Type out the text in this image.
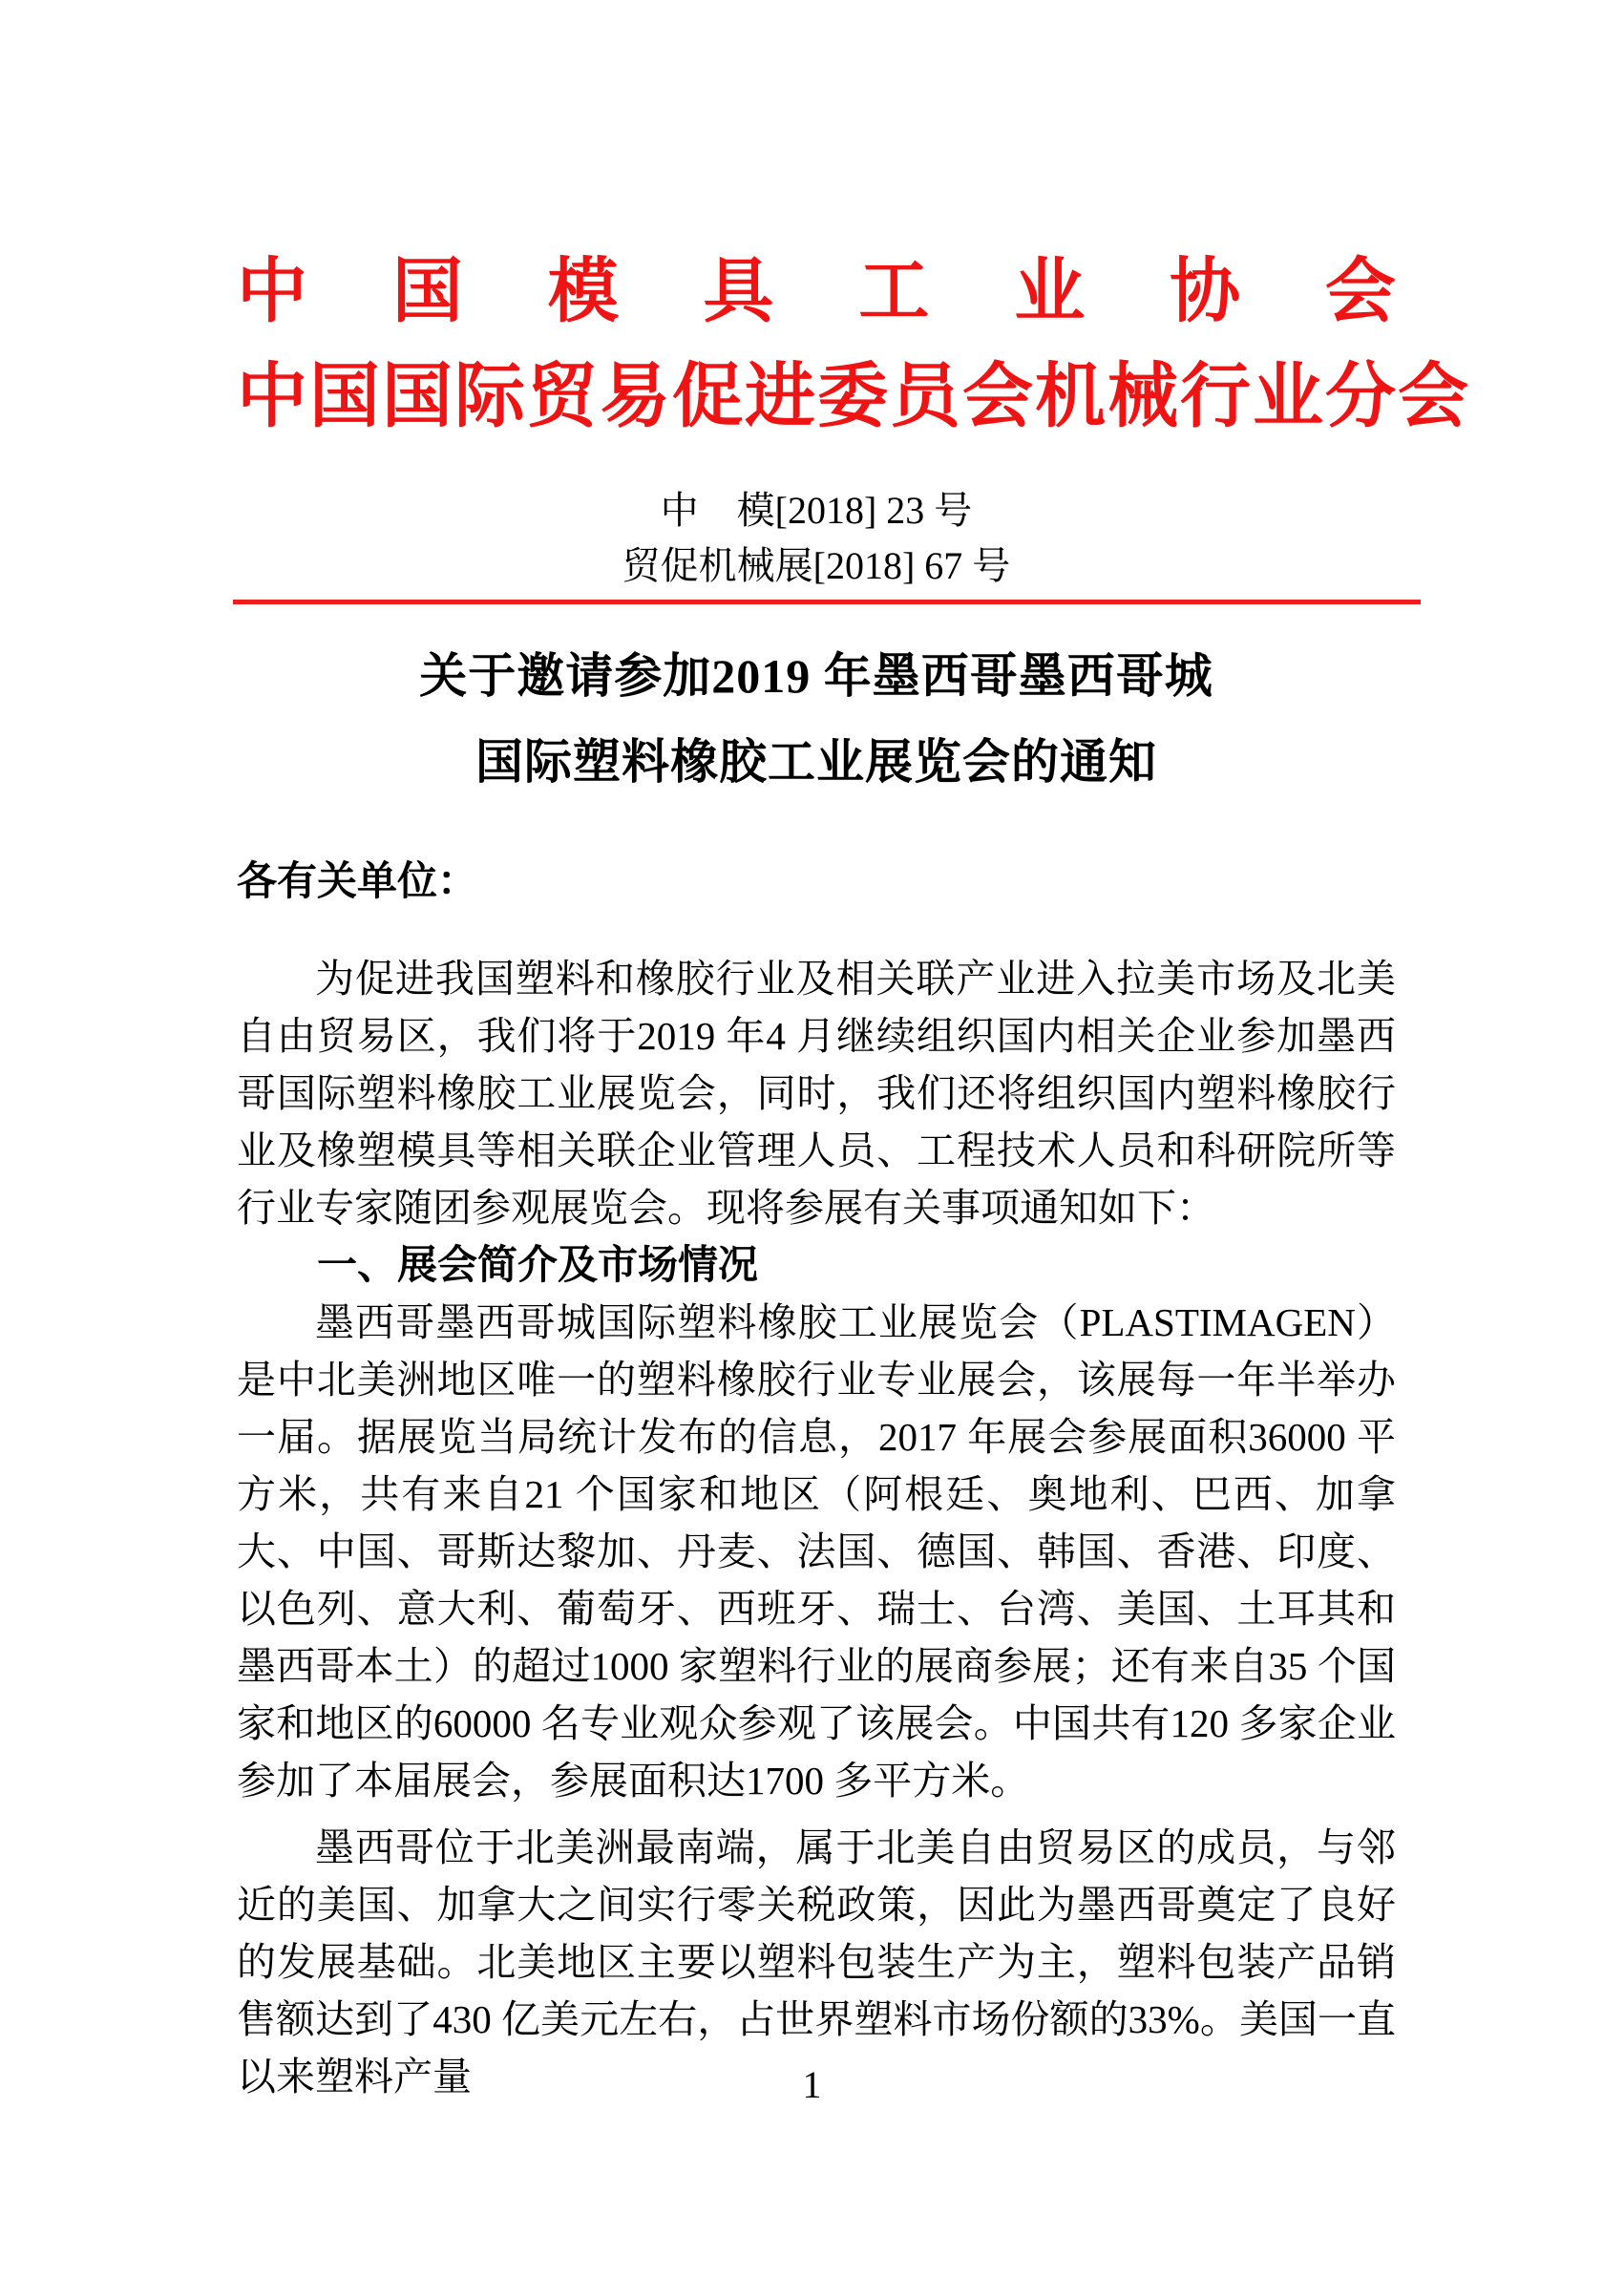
中 国 模 具 工 业 协 会
中国国际贸易促进委员会机械行业分会
中　模[2018] 23 号
贸促机械展[2018] 67 号
关于邀请参加2019 年墨西哥墨西哥城
国际塑料橡胶工业展览会的通知

各有关单位：

为促进我国塑料和橡胶行业及相关联产业进入拉美市场及北美自由贸易区，我们将于2019 年4 月继续组织国内相关企业参加墨西哥国际塑料橡胶工业展览会，同时，我们还将组织国内塑料橡胶行业及橡塑模具等相关联企业管理人员、工程技术人员和科研院所等行业专家随团参观展览会。现将参展有关事项通知如下：

一、展会简介及市场情况

墨西哥墨西哥城国际塑料橡胶工业展览会（PLASTIMAGEN）是中北美洲地区唯一的塑料橡胶行业专业展会，该展每一年半举办一届。据展览当局统计发布的信息，2017 年展会参展面积36000 平方米，共有来自21 个国家和地区（阿根廷、奥地利、巴西、加拿大、中国、哥斯达黎加、丹麦、法国、德国、韩国、香港、印度、以色列、意大利、葡萄牙、西班牙、瑞士、台湾、美国、土耳其和墨西哥本土）的超过1000 家塑料行业的展商参展；还有来自35 个国家和地区的60000 名专业观众参观了该展会。中国共有120 多家企业参加了本届展会，参展面积达1700 多平方米。

墨西哥位于北美洲最南端，属于北美自由贸易区的成员，与邻近的美国、加拿大之间实行零关税政策，因此为墨西哥奠定了良好的发展基础。北美地区主要以塑料包装生产为主，塑料包装产品销售额达到了430 亿美元左右，占世界塑料市场份额的33%。美国一直以来塑料产量	1
